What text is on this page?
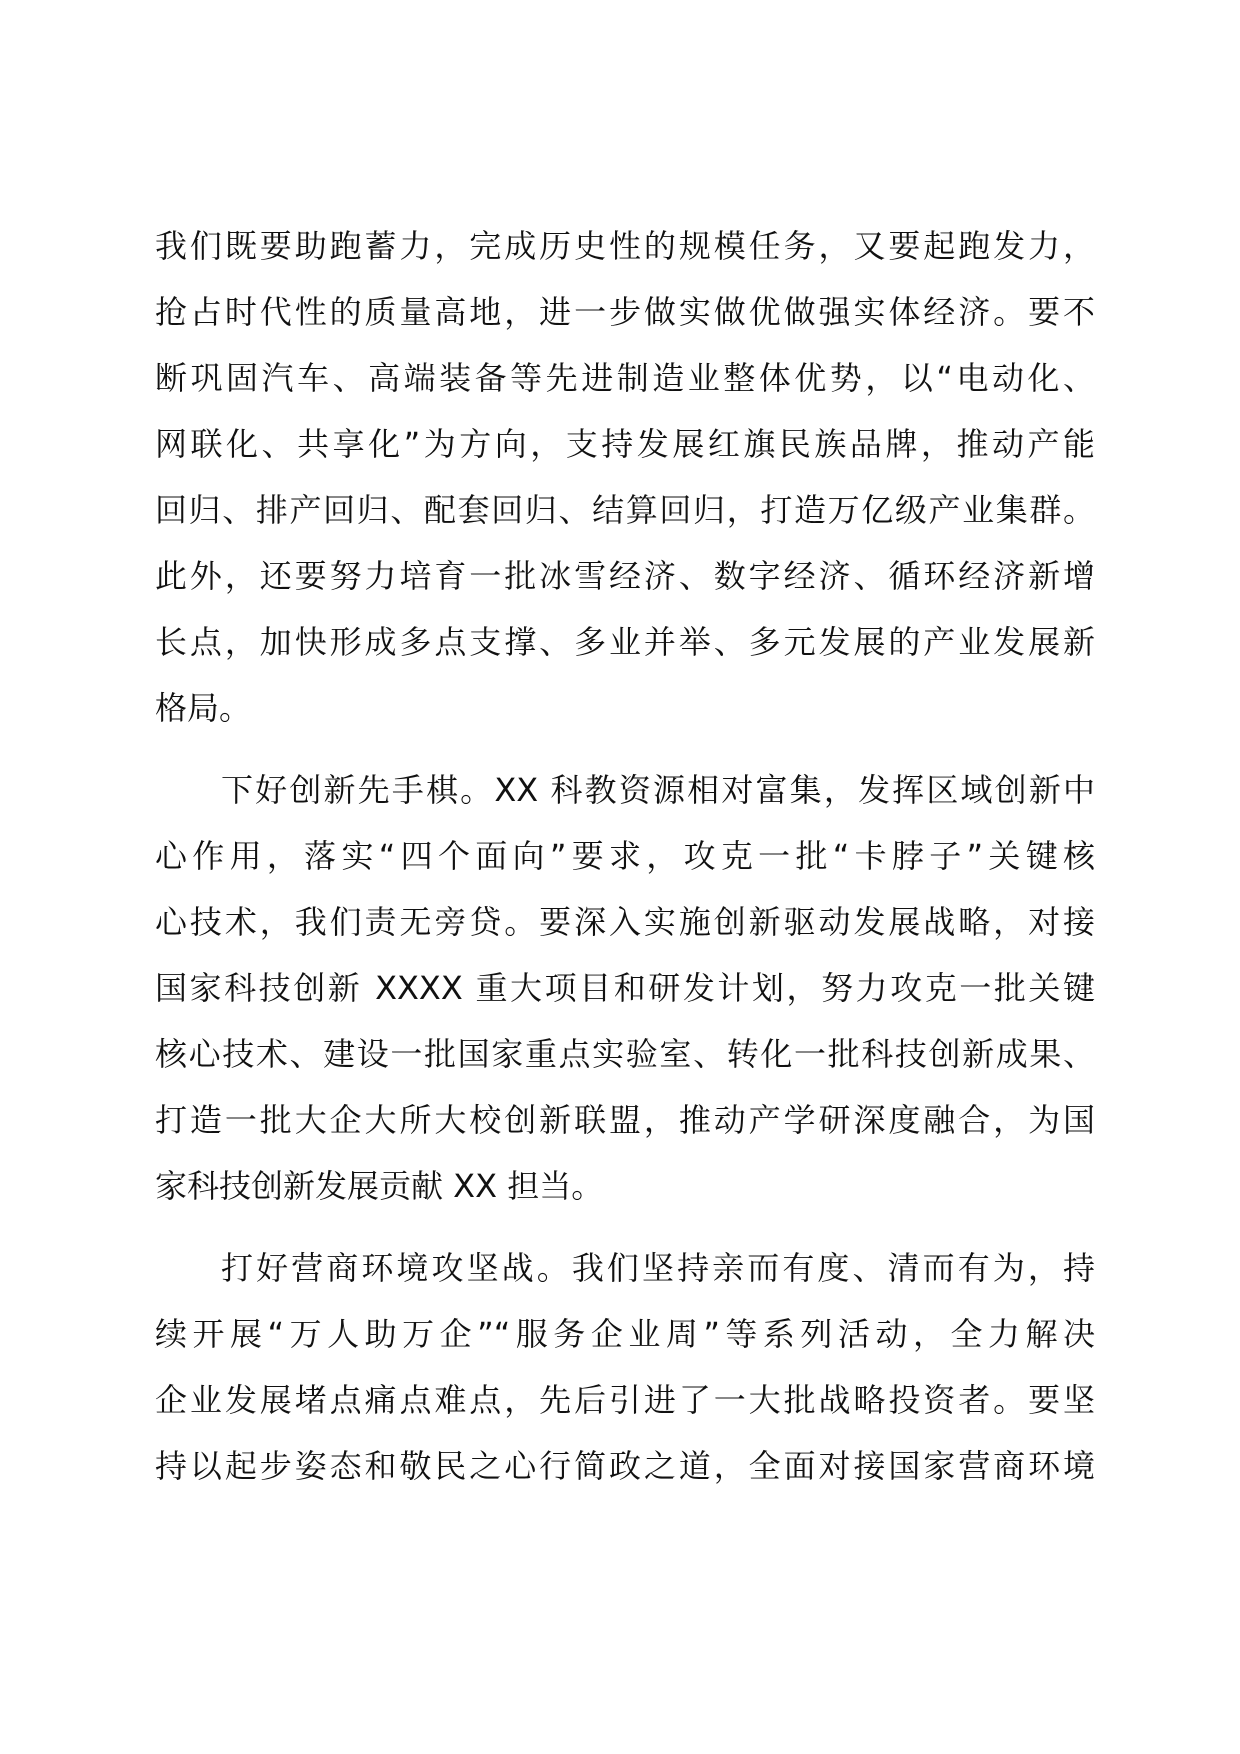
我们既要助跑蓄力，完成历史性的规模任务，又要起跑发力，
抢占时代性的质量高地，进一步做实做优做强实体经济。要不
断巩固汽车、高端装备等先进制造业整体优势，以“电动化、
网联化、共享化”为方向，支持发展红旗民族品牌，推动产能
回归、排产回归、配套回归、结算回归，打造万亿级产业集群。
此外，还要努力培育一批冰雪经济、数字经济、循环经济新增
长点，加快形成多点支撑、多业并举、多元发展的产业发展新
格局。
下好创新先手棋。XX 科教资源相对富集，发挥区域创新中
心作用，落实“四个面向”要求，攻克一批“卡脖子”关键核
心技术，我们责无旁贷。要深入实施创新驱动发展战略，对接
国家科技创新 XXXX 重大项目和研发计划，努力攻克一批关键
核心技术、建设一批国家重点实验室、转化一批科技创新成果、
打造一批大企大所大校创新联盟，推动产学研深度融合，为国
家科技创新发展贡献 XX 担当。
打好营商环境攻坚战。我们坚持亲而有度、清而有为，持
续开展“万人助万企”“服务企业周”等系列活动，全力解决
企业发展堵点痛点难点，先后引进了一大批战略投资者。要坚
持以起步姿态和敬民之心行简政之道，全面对接国家营商环境
